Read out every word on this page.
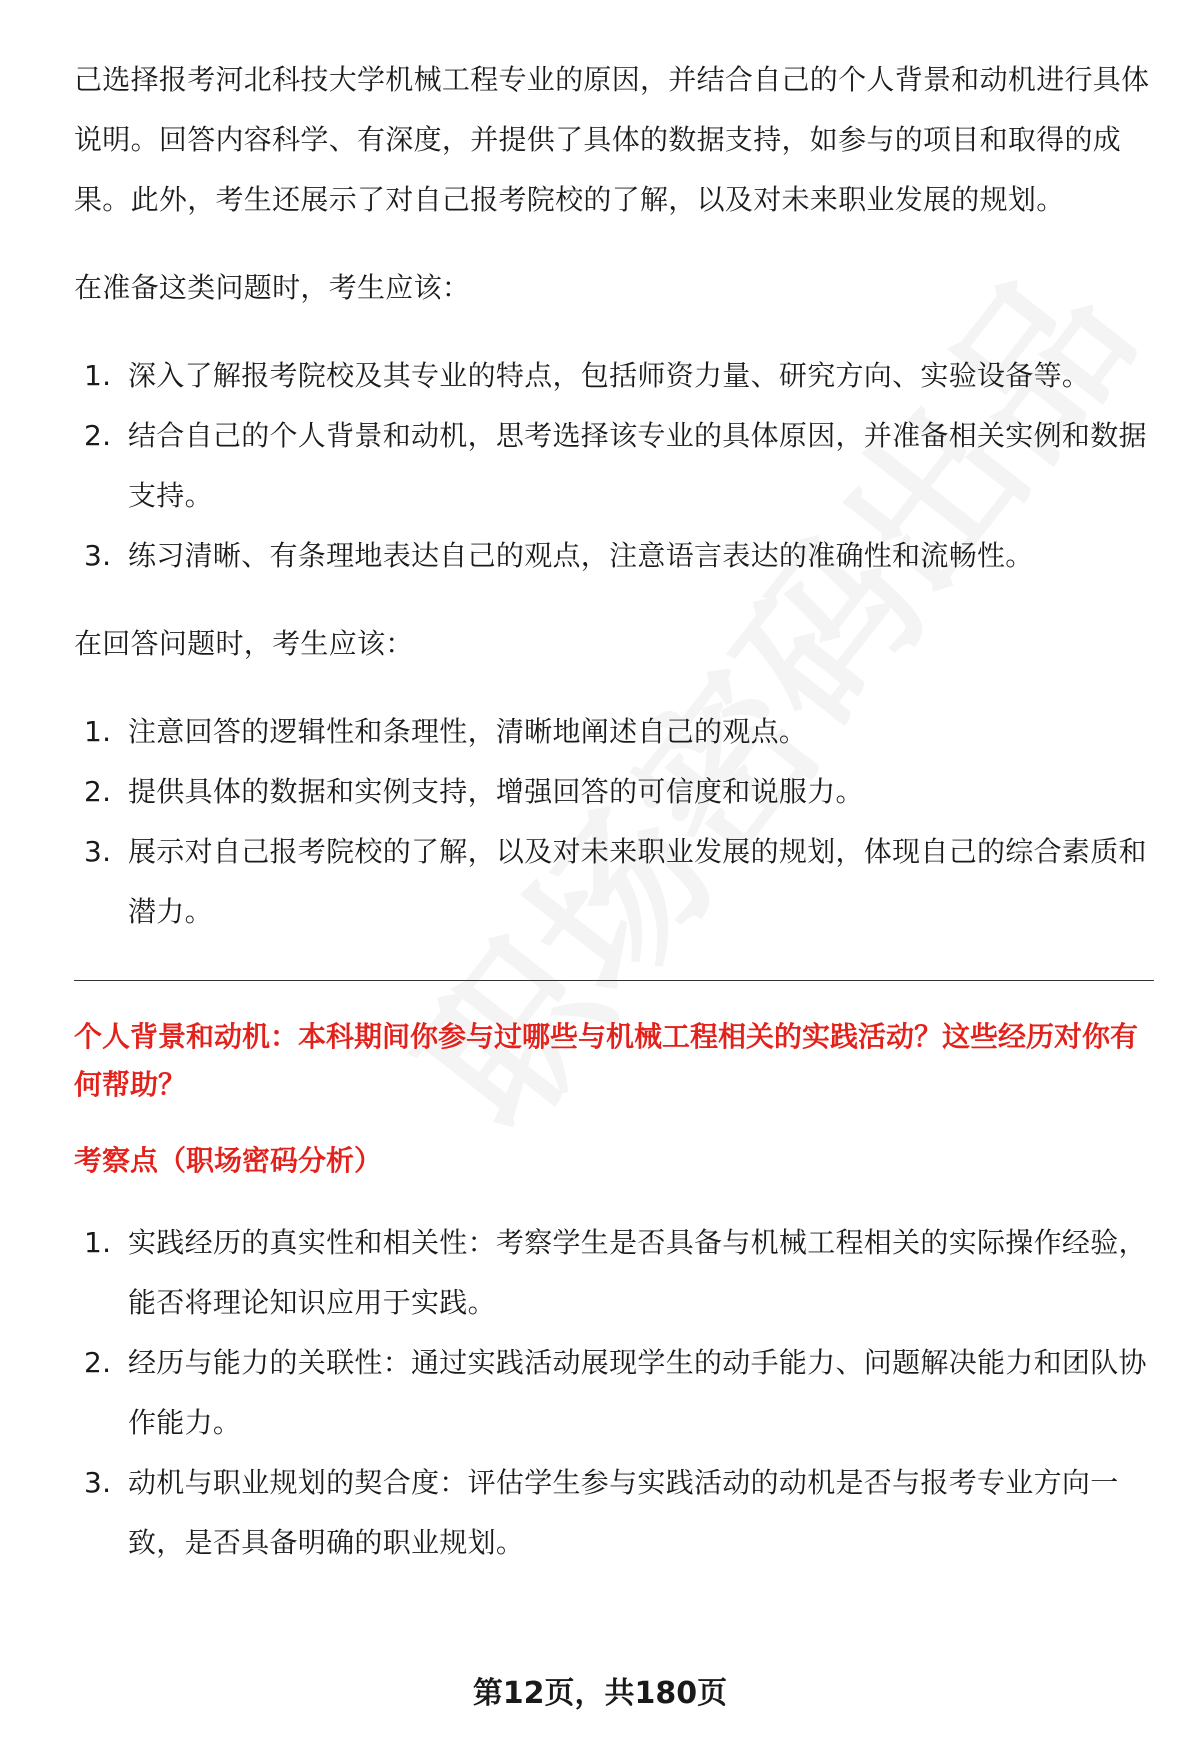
己选择报考河北科技大学机械工程专业的原因，并结合自己的个人背景和动机进行具体说明。回答内容科学、有深度，并提供了具体的数据支持，如参与的项目和取得的成果。此外，考生还展示了对自己报考院校的了解，以及对未来职业发展的规划。

在准备这类问题时，考生应该：

1. 深入了解报考院校及其专业的特点，包括师资力量、研究方向、实验设备等。
2. 结合自己的个人背景和动机，思考选择该专业的具体原因，并准备相关实例和数据支持。
3. 练习清晰、有条理地表达自己的观点，注意语言表达的准确性和流畅性。

在回答问题时，考生应该：

1. 注意回答的逻辑性和条理性，清晰地阐述自己的观点。
2. 提供具体的数据和实例支持，增强回答的可信度和说服力。
3. 展示对自己报考院校的了解，以及对未来职业发展的规划，体现自己的综合素质和潜力。

个人背景和动机：本科期间你参与过哪些与机械工程相关的实践活动？这些经历对你有何帮助？

考察点（职场密码分析）

1. 实践经历的真实性和相关性：考察学生是否具备与机械工程相关的实际操作经验，能否将理论知识应用于实践。
2. 经历与能力的关联性：通过实践活动展现学生的动手能力、问题解决能力和团队协作能力。
3. 动机与职业规划的契合度：评估学生参与实践活动的动机是否与报考专业方向一致，是否具备明确的职业规划。
第12页，共180页
